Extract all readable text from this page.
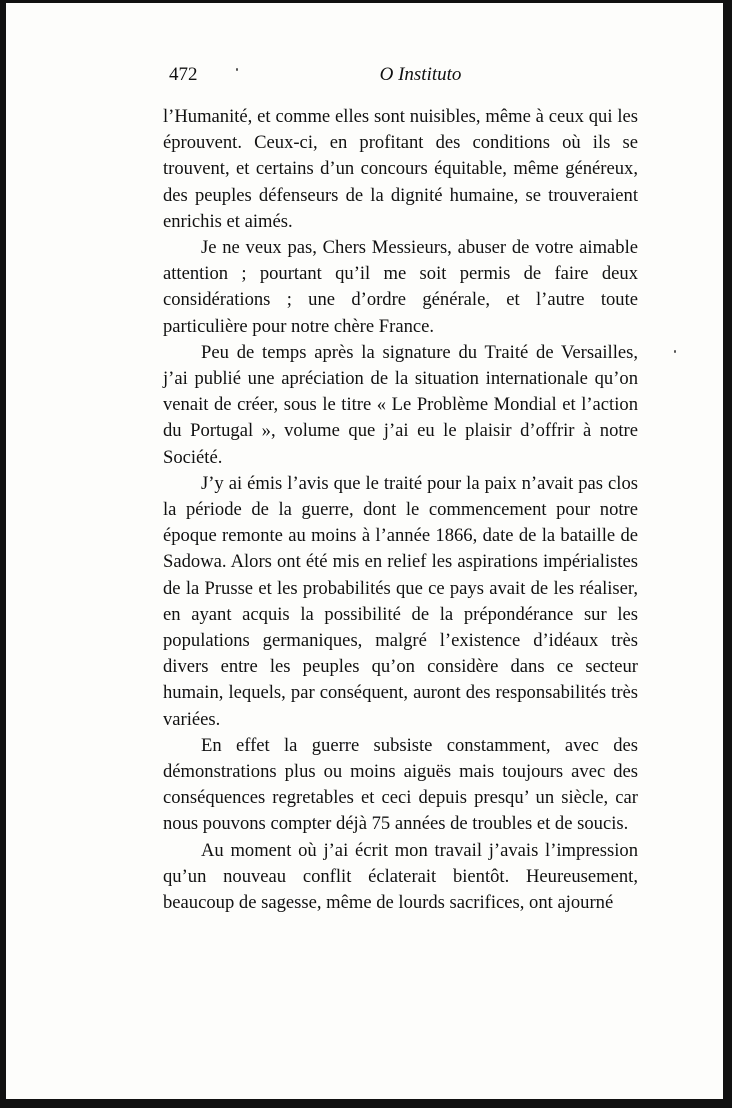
472	O Instituto

l’Humanité, et comme elles sont nuisibles, même à ceux qui les éprouvent. Ceux-ci, en profitant des conditions où ils se trouvent, et certains d’un concours équitable, même généreux, des peuples défenseurs de la dignité humaine, se trouveraient enrichis et aimés.

Je ne veux pas, Chers Messieurs, abuser de votre aimable attention ; pourtant qu’il me soit permis de faire deux considérations ; une d’ordre générale, et l’autre toute particulière pour notre chère France.

Peu de temps après la signature du Traité de Versailles, j’ai publié une apréciation de la situation internationale qu’on venait de créer, sous le titre « Le Problème Mondial et l’action du Portugal », volume que j’ai eu le plaisir d’offrir à notre Société.

J’y ai émis l’avis que le traité pour la paix n’avait pas clos la période de la guerre, dont le commencement pour notre époque remonte au moins à l’année 1866, date de la bataille de Sadowa. Alors ont été mis en relief les aspirations impérialistes de la Prusse et les probabilités que ce pays avait de les réaliser, en ayant acquis la possibilité de la prépondérance sur les populations germaniques, malgré l’existence d’idéaux très divers entre les peuples qu’on considère dans ce secteur humain, lequels, par conséquent, auront des responsabilités très variées.

En effet la guerre subsiste constamment, avec des démonstrations plus ou moins aiguës mais toujours avec des conséquences regretables et ceci depuis presqu’ un siècle, car nous pouvons compter déjà 75 années de troubles et de soucis.

Au moment où j’ai écrit mon travail j’avais l’impression qu’un nouveau conflit éclaterait bientôt. Heureusement, beaucoup de sagesse, même de lourds sacrifices, ont ajourné
